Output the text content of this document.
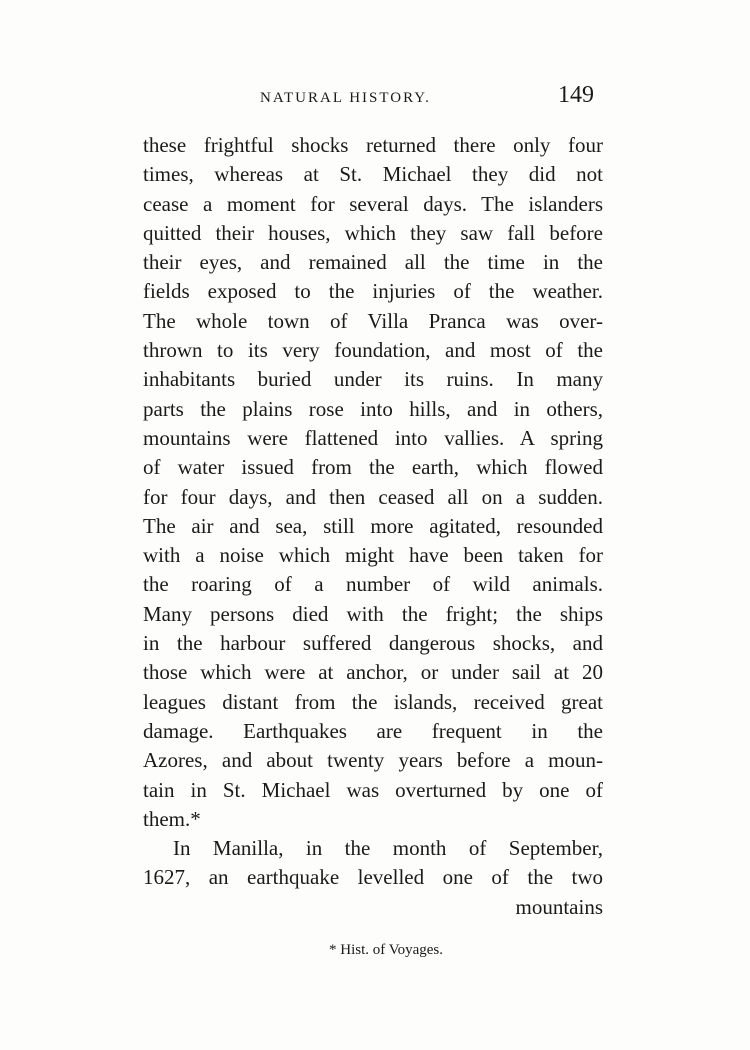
NATURAL HISTORY.	149
these frightful shocks returned there only four
times, whereas at St. Michael they did not
cease a moment for several days. The islanders
quitted their houses, which they saw fall before
their eyes, and remained all the time in the
fields exposed to the injuries of the weather.
The whole town of Villa Pranca was over-
thrown to its very foundation, and most of the
inhabitants buried under its ruins. In many
parts the plains rose into hills, and in others,
mountains were flattened into vallies. A spring
of water issued from the earth, which flowed
for four days, and then ceased all on a sudden.
The air and sea, still more agitated, resounded
with a noise which might have been taken for
the roaring of a number of wild animals.
Many persons died with the fright; the ships
in the harbour suffered dangerous shocks, and
those which were at anchor, or under sail at 20
leagues distant from the islands, received great
damage. Earthquakes are frequent in the
Azores, and about twenty years before a moun-
tain in St. Michael was overturned by one of
them.*
In Manilla, in the month of September,
1627, an earthquake levelled one of the two
mountains
* Hist. of Voyages.
